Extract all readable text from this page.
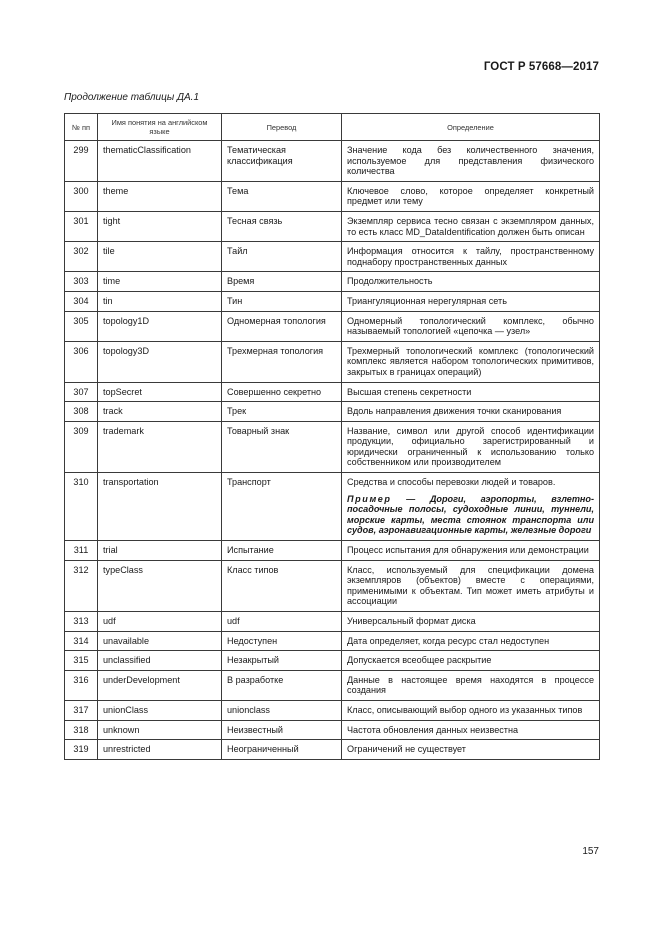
ГОСТ Р 57668—2017
Продолжение таблицы ДА.1
№ пп	Имя понятия на английском языке	Перевод	Определение
299	thematicClassification	Тематическая классификация	Значение кода без количественного значения, используемое для представления физического количества

300	theme	Тема	Ключевое слово, которое определяет конкретный предмет или тему

301	tight	Тесная связь	Экземпляр сервиса тесно связан с экземпляром данных, то есть класс MD_DataIdentification должен быть описан

302	tile	Тайл	Информация относится к тайлу, пространственному поднабору пространственных данных

303	time	Время	Продолжительность

304	tin	Тин	Триангуляционная нерегулярная сеть

305	topology1D	Одномерная топология	Одномерный топологический комплекс, обычно называемый топологией «цепочка — узел»

306	topology3D	Трехмерная топология	Трехмерный топологический комплекс (топологический комплекс является набором топологических примитивов, закрытых в границах операций)

307	topSecret	Совершенно секретно	Высшая степень секретности

308	track	Трек	Вдоль направления движения точки сканирования

309	trademark	Товарный знак	Название, символ или другой способ идентификации продукции, официально зарегистрированный и юридически ограниченный к использованию только собственником или производителем

310	transportation	Транспорт	Средства и способы перевозки людей и товаров.
Пример — Дороги, аэропорты, взлетно-посадочные полосы, судоходные линии, туннели, морские карты, места стоянок транспорта или судов, аэронавигационные карты, железные дороги

311	trial	Испытание	Процесс испытания для обнаружения или демонстрации

312	typeClass	Класс типов	Класс, используемый для спецификации домена экземпляров (объектов) вместе с операциями, применимыми к объектам. Тип может иметь атрибуты и ассоциации

313	udf	udf	Универсальный формат диска

314	unavailable	Недоступен	Дата определяет, когда ресурс стал недоступен

315	unclassified	Незакрытый	Допускается всеобщее раскрытие

316	underDevelopment	В разработке	Данные в настоящее время находятся в процессе создания

317	unionClass	unionclass	Класс, описывающий выбор одного из указанных типов

318	unknown	Неизвестный	Частота обновления данных неизвестна

319	unrestricted	Неограниченный	Ограничений не существует
157
